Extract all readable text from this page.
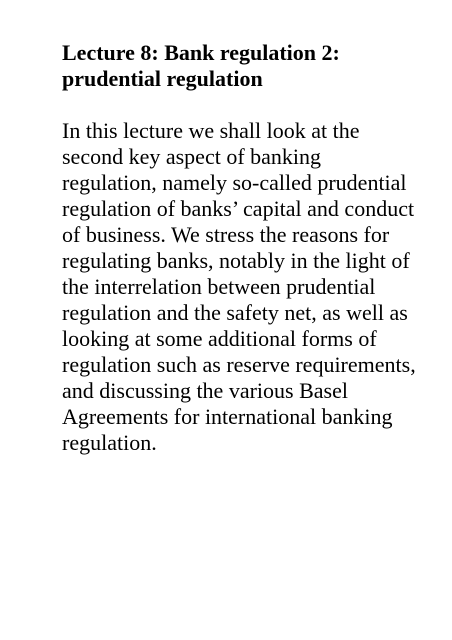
Lecture 8: Bank regulation 2:
prudential regulation

In this lecture we shall look at the
second key aspect of banking
regulation, namely so-called prudential
regulation of banks’ capital and conduct
of business. We stress the reasons for
regulating banks, notably in the light of
the interrelation between prudential
regulation and the safety net, as well as
looking at some additional forms of
regulation such as reserve requirements,
and discussing the various Basel
Agreements for international banking
regulation.
